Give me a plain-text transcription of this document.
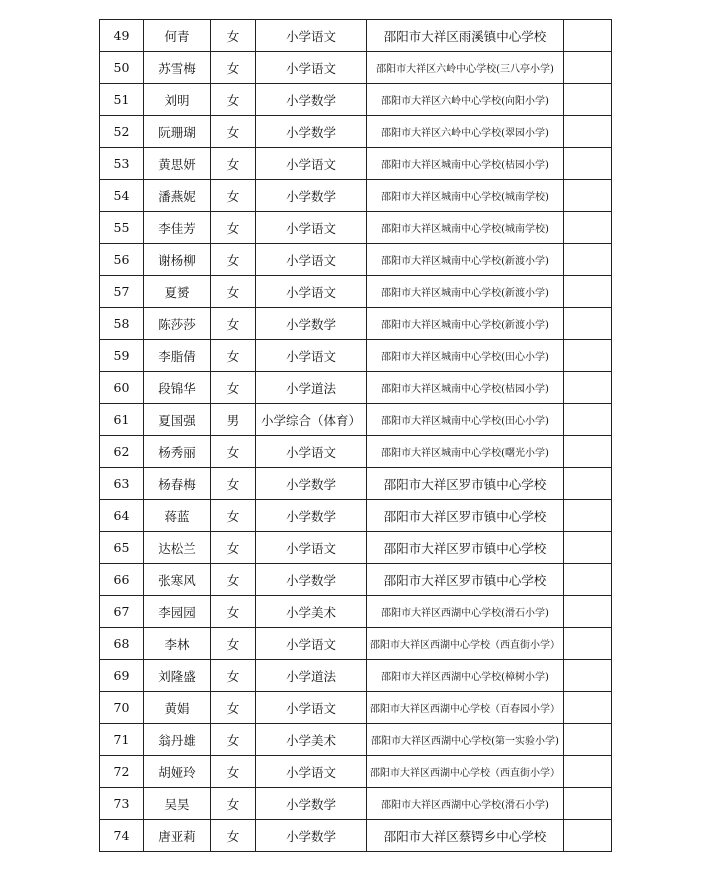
49	何青	女	小学语文	邵阳市大祥区雨溪镇中心学校	
50	苏雪梅	女	小学语文	邵阳市大祥区六岭中心学校(三八亭小学)	
51	刘明	女	小学数学	邵阳市大祥区六岭中心学校(向阳小学)	
52	阮珊瑚	女	小学数学	邵阳市大祥区六岭中心学校(翠园小学)	
53	黄思妍	女	小学语文	邵阳市大祥区城南中心学校(桔园小学)	
54	潘燕妮	女	小学数学	邵阳市大祥区城南中心学校(城南学校)	
55	李佳芳	女	小学语文	邵阳市大祥区城南中心学校(城南学校)	
56	谢杨柳	女	小学语文	邵阳市大祥区城南中心学校(新渡小学)	
57	夏赟	女	小学语文	邵阳市大祥区城南中心学校(新渡小学)	
58	陈莎莎	女	小学数学	邵阳市大祥区城南中心学校(新渡小学)	
59	李脂倩	女	小学语文	邵阳市大祥区城南中心学校(田心小学)	
60	段锦华	女	小学道法	邵阳市大祥区城南中心学校(桔园小学)	
61	夏国强	男	小学综合（体育）	邵阳市大祥区城南中心学校(田心小学)	
62	杨秀丽	女	小学语文	邵阳市大祥区城南中心学校(曙光小学)	
63	杨春梅	女	小学数学	邵阳市大祥区罗市镇中心学校	
64	蒋蓝	女	小学数学	邵阳市大祥区罗市镇中心学校	
65	达松兰	女	小学语文	邵阳市大祥区罗市镇中心学校	
66	张寒风	女	小学数学	邵阳市大祥区罗市镇中心学校	
67	李园园	女	小学美术	邵阳市大祥区西湖中心学校(滑石小学)	
68	李林	女	小学语文	邵阳市大祥区西湖中心学校（西直街小学）	
69	刘隆盛	女	小学道法	邵阳市大祥区西湖中心学校(樟树小学)	
70	黄娟	女	小学语文	邵阳市大祥区西湖中心学校（百春园小学）	
71	翁丹雄	女	小学美术	邵阳市大祥区西湖中心学校(第一实验小学)	
72	胡娅玲	女	小学语文	邵阳市大祥区西湖中心学校（西直街小学）	
73	吴昊	女	小学数学	邵阳市大祥区西湖中心学校(滑石小学)	
74	唐亚莉	女	小学数学	邵阳市大祥区蔡锷乡中心学校	
